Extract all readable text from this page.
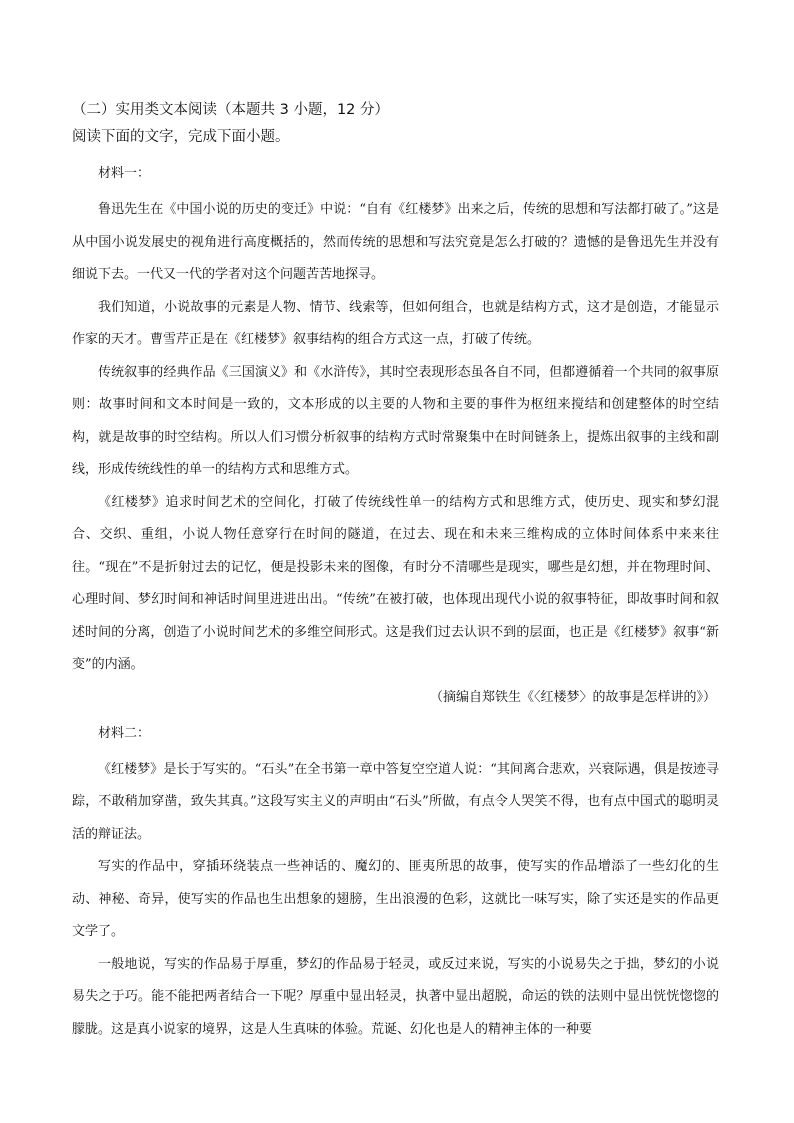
（二）实用类文本阅读（本题共 3 小题，12 分）

阅读下面的文字，完成下面小题。

材料一：

鲁迅先生在《中国小说的历史的变迁》中说：“自有《红楼梦》出来之后，传统的思想和写法都打破了。”这是从中国小说发展史的视角进行高度概括的，然而传统的思想和写法究竟是怎么打破的？遗憾的是鲁迅先生并没有细说下去。一代又一代的学者对这个问题苦苦地探寻。

我们知道，小说故事的元素是人物、情节、线索等，但如何组合，也就是结构方式，这才是创造，才能显示作家的天才。曹雪芹正是在《红楼梦》叙事结构的组合方式这一点，打破了传统。

传统叙事的经典作品《三国演义》和《水浒传》，其时空表现形态虽各自不同，但都遵循着一个共同的叙事原则：故事时间和文本时间是一致的，文本形成的以主要的人物和主要的事件为枢纽来搅结和创建整体的时空结构，就是故事的时空结构。所以人们习惯分析叙事的结构方式时常聚集中在时间链条上，提炼出叙事的主线和副线，形成传统线性的单一的结构方式和思维方式。

《红楼梦》追求时间艺术的空间化，打破了传统线性单一的结构方式和思维方式，使历史、现实和梦幻混合、交织、重组，小说人物任意穿行在时间的隧道，在过去、现在和未来三维构成的立体时间体系中来来往往。“现在”不是折射过去的记忆，便是投影未来的图像，有时分不清哪些是现实，哪些是幻想，并在物理时间、心理时间、梦幻时间和神话时间里进进出出。“传统”在被打破，也体现出现代小说的叙事特征，即故事时间和叙述时间的分离，创造了小说时间艺术的多维空间形式。这是我们过去认识不到的层面，也正是《红楼梦》叙事“新变”的内涵。

（摘编自郑铁生《〈红楼梦〉的故事是怎样讲的》）

材料二：

《红楼梦》是长于写实的。“石头”在全书第一章中答复空空道人说：“其间离合悲欢，兴衰际遇，俱是按迹寻踪，不敢稍加穿凿，致失其真。”这段写实主义的声明由“石头”所做，有点令人哭笑不得，也有点中国式的聪明灵活的辩证法。

写实的作品中，穿插环绕装点一些神话的、魔幻的、匪夷所思的故事，使写实的作品增添了一些幻化的生动、神秘、奇异，使写实的作品也生出想象的翅膀，生出浪漫的色彩，这就比一味写实，除了实还是实的作品更文学了。

一般地说，写实的作品易于厚重，梦幻的作品易于轻灵，或反过来说，写实的小说易失之于拙，梦幻的小说易失之于巧。能不能把两者结合一下呢？厚重中显出轻灵，执著中显出超脱，命运的铁的法则中显出恍恍惚惚的朦胧。这是真小说家的境界，这是人生真味的体验。荒诞、幻化也是人的精神主体的一种要
